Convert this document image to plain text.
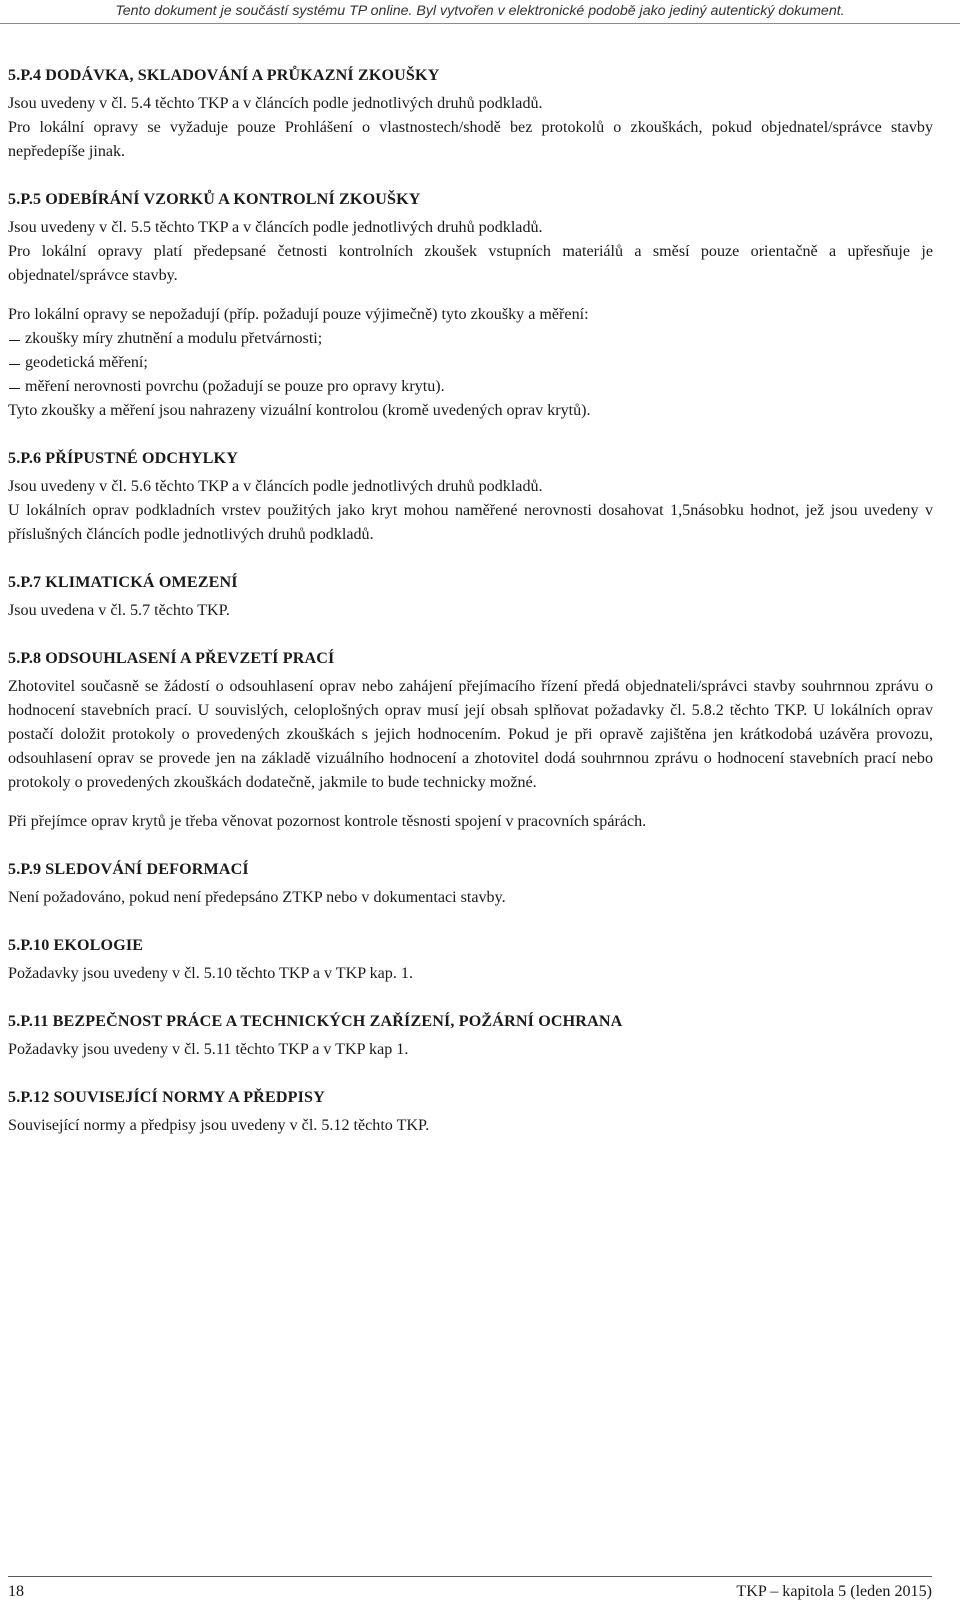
Tento dokument je součástí systému TP online. Byl vytvořen v elektronické podobě jako jediný autentický dokument.
5.P.4 DODÁVKA, SKLADOVÁNÍ A PRŮKAZNÍ ZKOUŠKY

Jsou uvedeny v čl. 5.4 těchto TKP a v článcích podle jednotlivých druhů podkladů.

Pro lokální opravy se vyžaduje pouze Prohlášení o vlastnostech/shodě bez protokolů o zkouškách, pokud objednatel/správce stavby nepředepíše jinak.

5.P.5 ODEBÍRÁNÍ VZORKŮ A KONTROLNÍ ZKOUŠKY

Jsou uvedeny v čl. 5.5 těchto TKP a v článcích podle jednotlivých druhů podkladů.

Pro lokální opravy platí předepsané četnosti kontrolních zkoušek vstupních materiálů a směsí pouze orientačně a upřesňuje je objednatel/správce stavby.

Pro lokální opravy se nepožadují (příp. požadují pouze výjimečně) tyto zkoušky a měření:

zkoušky míry zhutnění a modulu přetvárnosti;
geodetická měření;
měření nerovnosti povrchu (požadují se pouze pro opravy krytu).

Tyto zkoušky a měření jsou nahrazeny vizuální kontrolou (kromě uvedených oprav krytů).

5.P.6 PŘÍPUSTNÉ ODCHYLKY

Jsou uvedeny v čl. 5.6 těchto TKP a v článcích podle jednotlivých druhů podkladů.

U lokálních oprav podkladních vrstev použitých jako kryt mohou naměřené nerovnosti dosahovat 1,5násobku hodnot, jež jsou uvedeny v příslušných článcích podle jednotlivých druhů podkladů.

5.P.7 KLIMATICKÁ OMEZENÍ

Jsou uvedena v čl. 5.7 těchto TKP.

5.P.8 ODSOUHLASENÍ A PŘEVZETÍ PRACÍ

Zhotovitel současně se žádostí o odsouhlasení oprav nebo zahájení přejímacího řízení předá objednateli/správci stavby souhrnnou zprávu o hodnocení stavebních prací. U souvislých, celoplošných oprav musí její obsah splňovat požadavky čl. 5.8.2 těchto TKP. U lokálních oprav postačí doložit protokoly o provedených zkouškách s jejich hodnocením. Pokud je při opravě zajištěna jen krátkodobá uzávěra provozu, odsouhlasení oprav se provede jen na základě vizuálního hodnocení a zhotovitel dodá souhrnnou zprávu o hodnocení stavebních prací nebo protokoly o provedených zkouškách dodatečně, jakmile to bude technicky možné.

Při přejímce oprav krytů je třeba věnovat pozornost kontrole těsnosti spojení v pracovních spárách.

5.P.9 SLEDOVÁNÍ DEFORMACÍ

Není požadováno, pokud není předepsáno ZTKP nebo v dokumentaci stavby.

5.P.10 EKOLOGIE

Požadavky jsou uvedeny v čl. 5.10 těchto TKP a v TKP kap. 1.

5.P.11 BEZPEČNOST PRÁCE A TECHNICKÝCH ZAŘÍZENÍ, POŽÁRNÍ OCHRANA

Požadavky jsou uvedeny v čl. 5.11 těchto TKP a v TKP kap 1.

5.P.12 SOUVISEJÍCÍ NORMY A PŘEDPISY

Související normy a předpisy jsou uvedeny v čl. 5.12 těchto TKP.

18	TKP – kapitola 5 (leden 2015)
